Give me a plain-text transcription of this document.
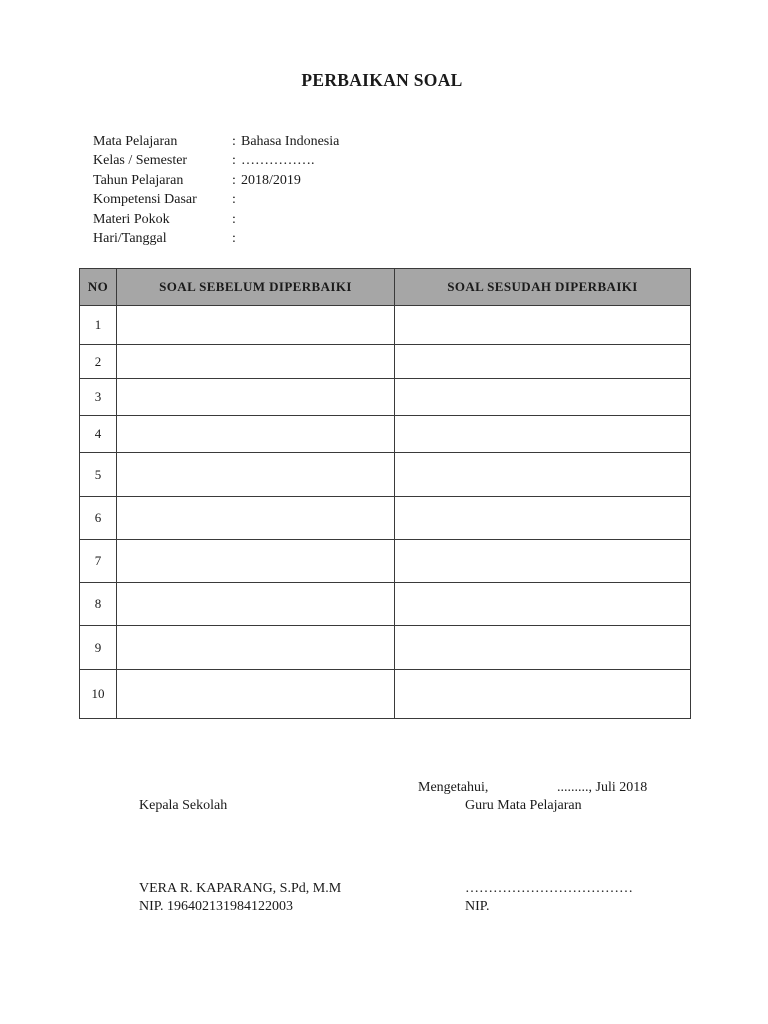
PERBAIKAN SOAL
Mata Pelajaran	: Bahasa Indonesia
Kelas / Semester	: …………….
Tahun Pelajaran	: 2018/2019
Kompetensi Dasar	:
Materi Pokok	:
Hari/Tanggal	:
NO	SOAL SEBELUM DIPERBAIKI	SOAL SESUDAH DIPERBAIKI
1		
2		
3		
4		
5		
6		
7		
8		
9		
10		
Mengetahui,	........., Juli 2018
Kepala Sekolah	Guru Mata Pelajaran
VERA R. KAPARANG, S.Pd, M.M	………………………………
NIP. 196402131984122003	NIP.
